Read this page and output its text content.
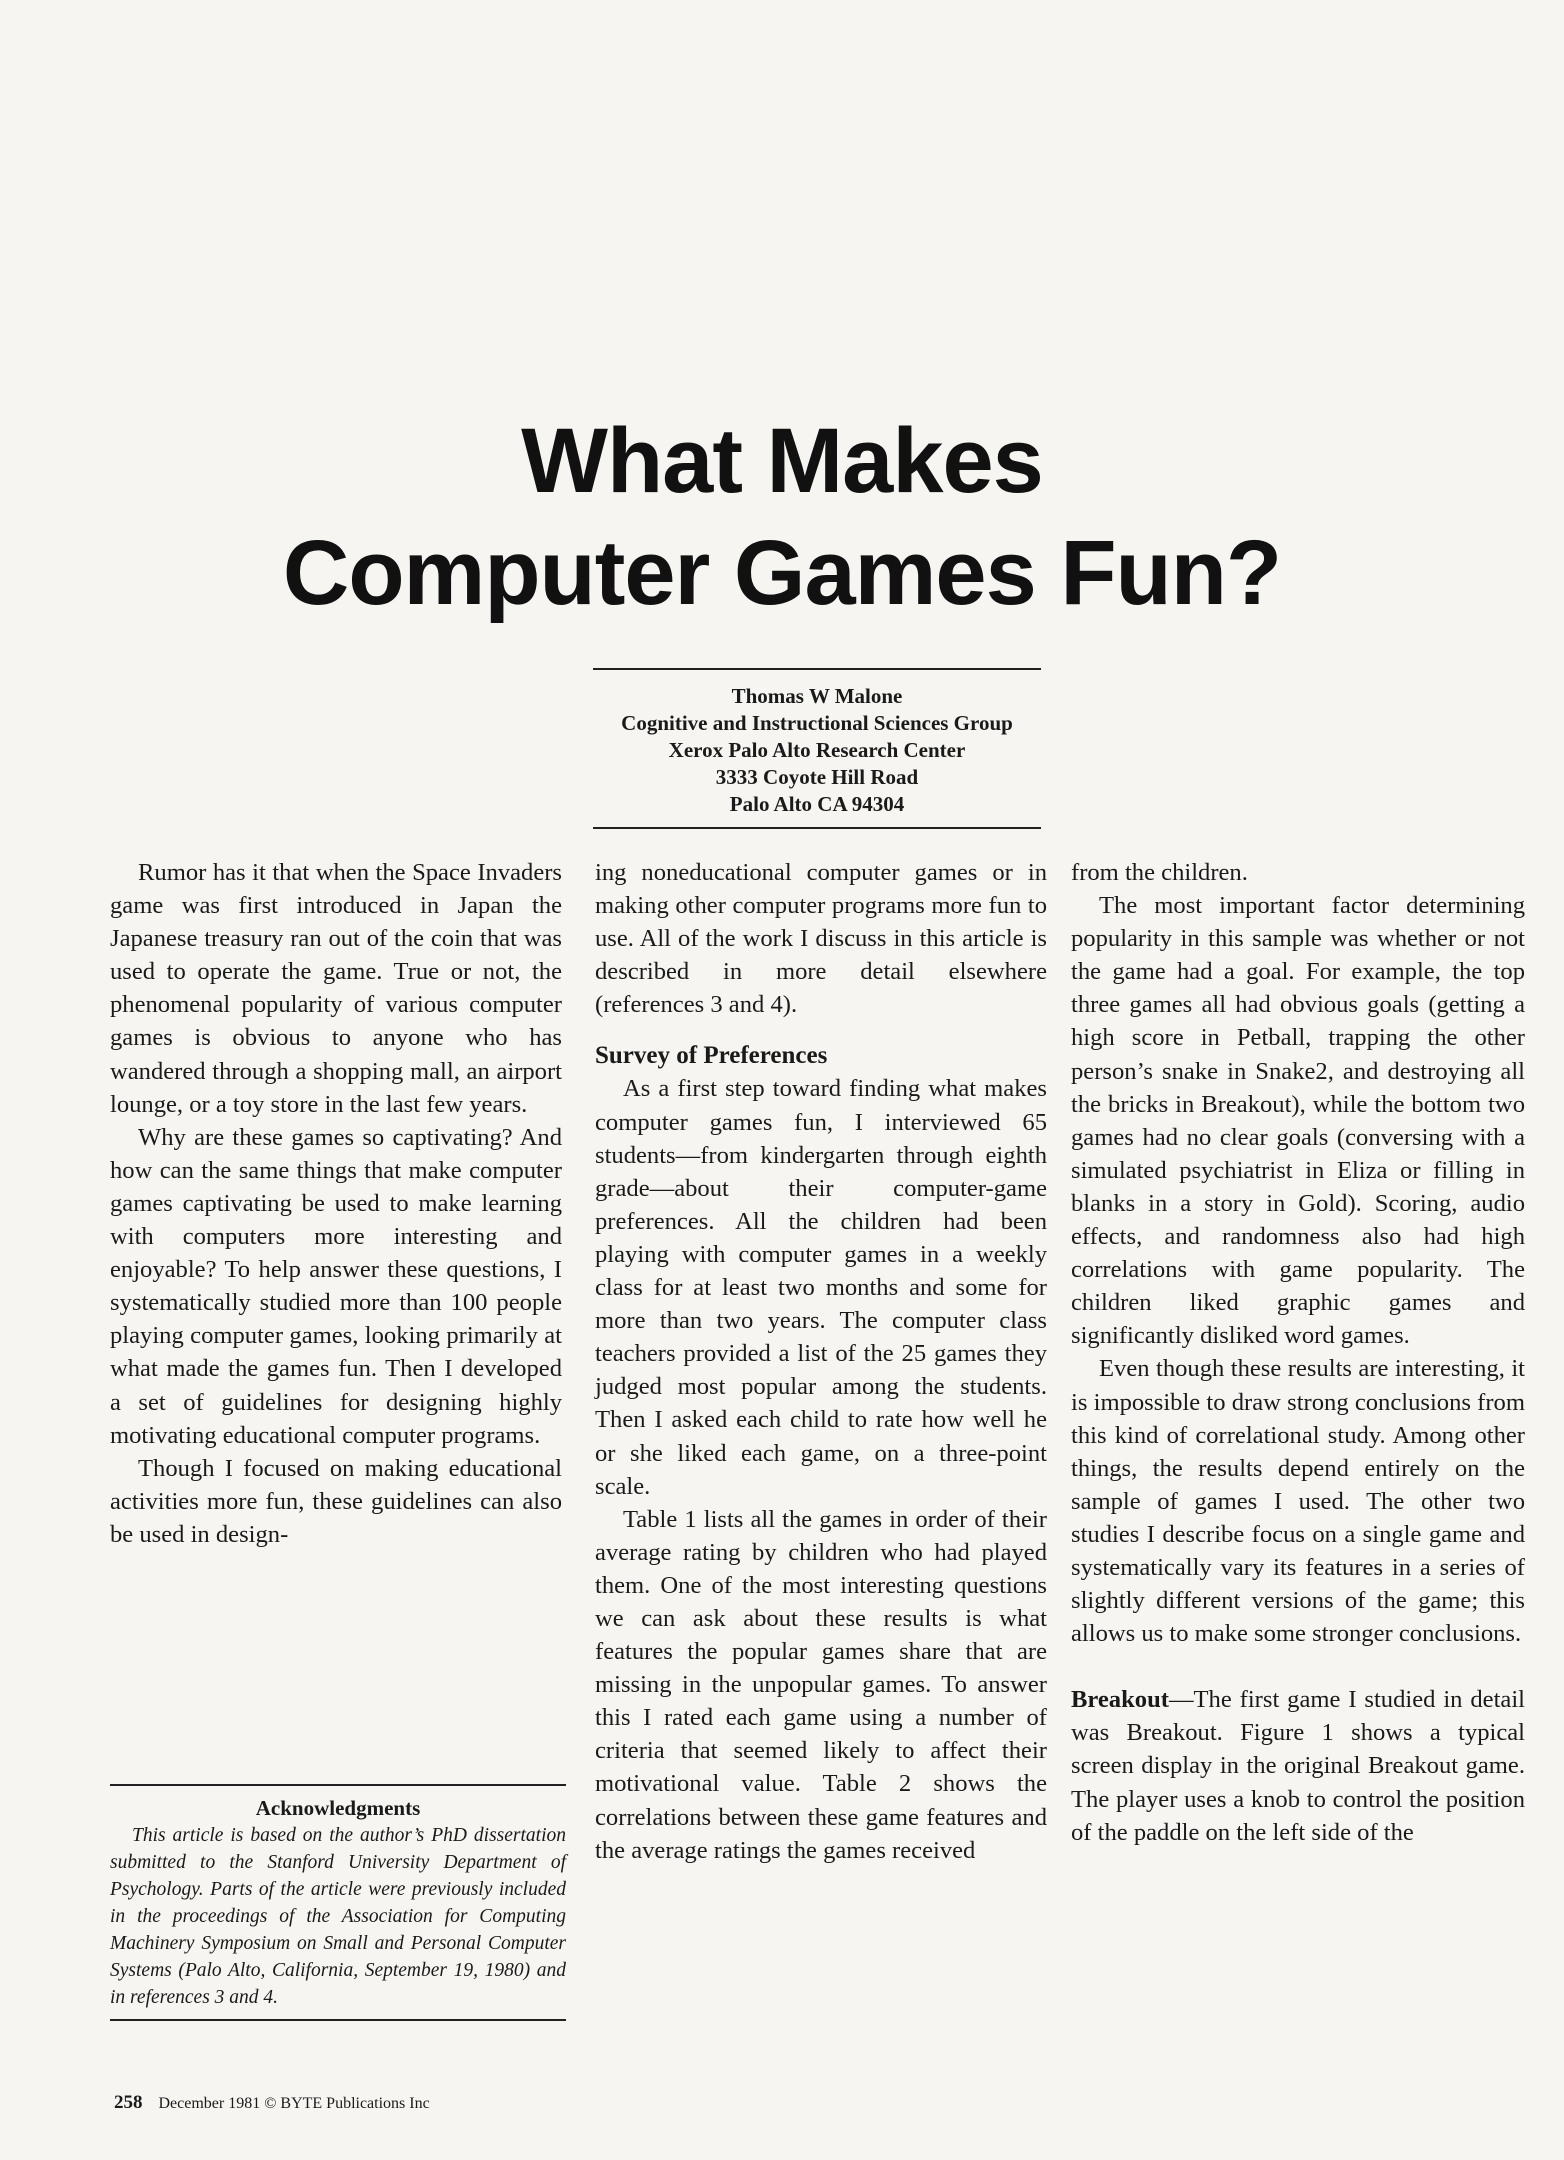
What Makes
Computer Games Fun?
Thomas W Malone
Cognitive and Instructional Sciences Group
Xerox Palo Alto Research Center
3333 Coyote Hill Road
Palo Alto CA 94304

Rumor has it that when the Space Invaders game was first introduced in Japan the Japanese treasury ran out of the coin that was used to operate the game. True or not, the phenomenal popularity of various computer games is obvious to anyone who has wandered through a shopping mall, an airport lounge, or a toy store in the last few years.

Why are these games so captivating? And how can the same things that make computer games captivating be used to make learning with computers more interesting and enjoyable? To help answer these questions, I systematically studied more than 100 people playing computer games, looking primarily at what made the games fun. Then I developed a set of guidelines for designing highly motivating educational computer programs.

Though I focused on making educational activities more fun, these guidelines can also be used in design-

Acknowledgments

This article is based on the author’s PhD dissertation submitted to the Stanford University Department of Psychology. Parts of the article were previously included in the proceedings of the Association for Computing Machinery Symposium on Small and Personal Computer Systems (Palo Alto, California, September 19, 1980) and in references 3 and 4.

ing noneducational computer games or in making other computer programs more fun to use. All of the work I discuss in this article is described in more detail elsewhere (references 3 and 4).

Survey of Preferences

As a first step toward finding what makes computer games fun, I interviewed 65 students—from kindergarten through eighth grade—about their computer-game preferences. All the children had been playing with computer games in a weekly class for at least two months and some for more than two years. The computer class teachers provided a list of the 25 games they judged most popular among the students. Then I asked each child to rate how well he or she liked each game, on a three-point scale.

Table 1 lists all the games in order of their average rating by children who had played them. One of the most interesting questions we can ask about these results is what features the popular games share that are missing in the unpopular games. To answer this I rated each game using a number of criteria that seemed likely to affect their motivational value. Table 2 shows the correlations between these game features and the average ratings the games received

from the children.

The most important factor determining popularity in this sample was whether or not the game had a goal. For example, the top three games all had obvious goals (getting a high score in Petball, trapping the other person’s snake in Snake2, and destroying all the bricks in Breakout), while the bottom two games had no clear goals (conversing with a simulated psychiatrist in Eliza or filling in blanks in a story in Gold). Scoring, audio effects, and randomness also had high correlations with game popularity. The children liked graphic games and significantly disliked word games.

Even though these results are interesting, it is impossible to draw strong conclusions from this kind of correlational study. Among other things, the results depend entirely on the sample of games I used. The other two studies I describe focus on a single game and systematically vary its features in a series of slightly different versions of the game; this allows us to make some stronger conclusions.

Breakout—The first game I studied in detail was Breakout. Figure 1 shows a typical screen display in the original Breakout game. The player uses a knob to control the position of the paddle on the left side of the

258 December 1981 © BYTE Publications Inc
